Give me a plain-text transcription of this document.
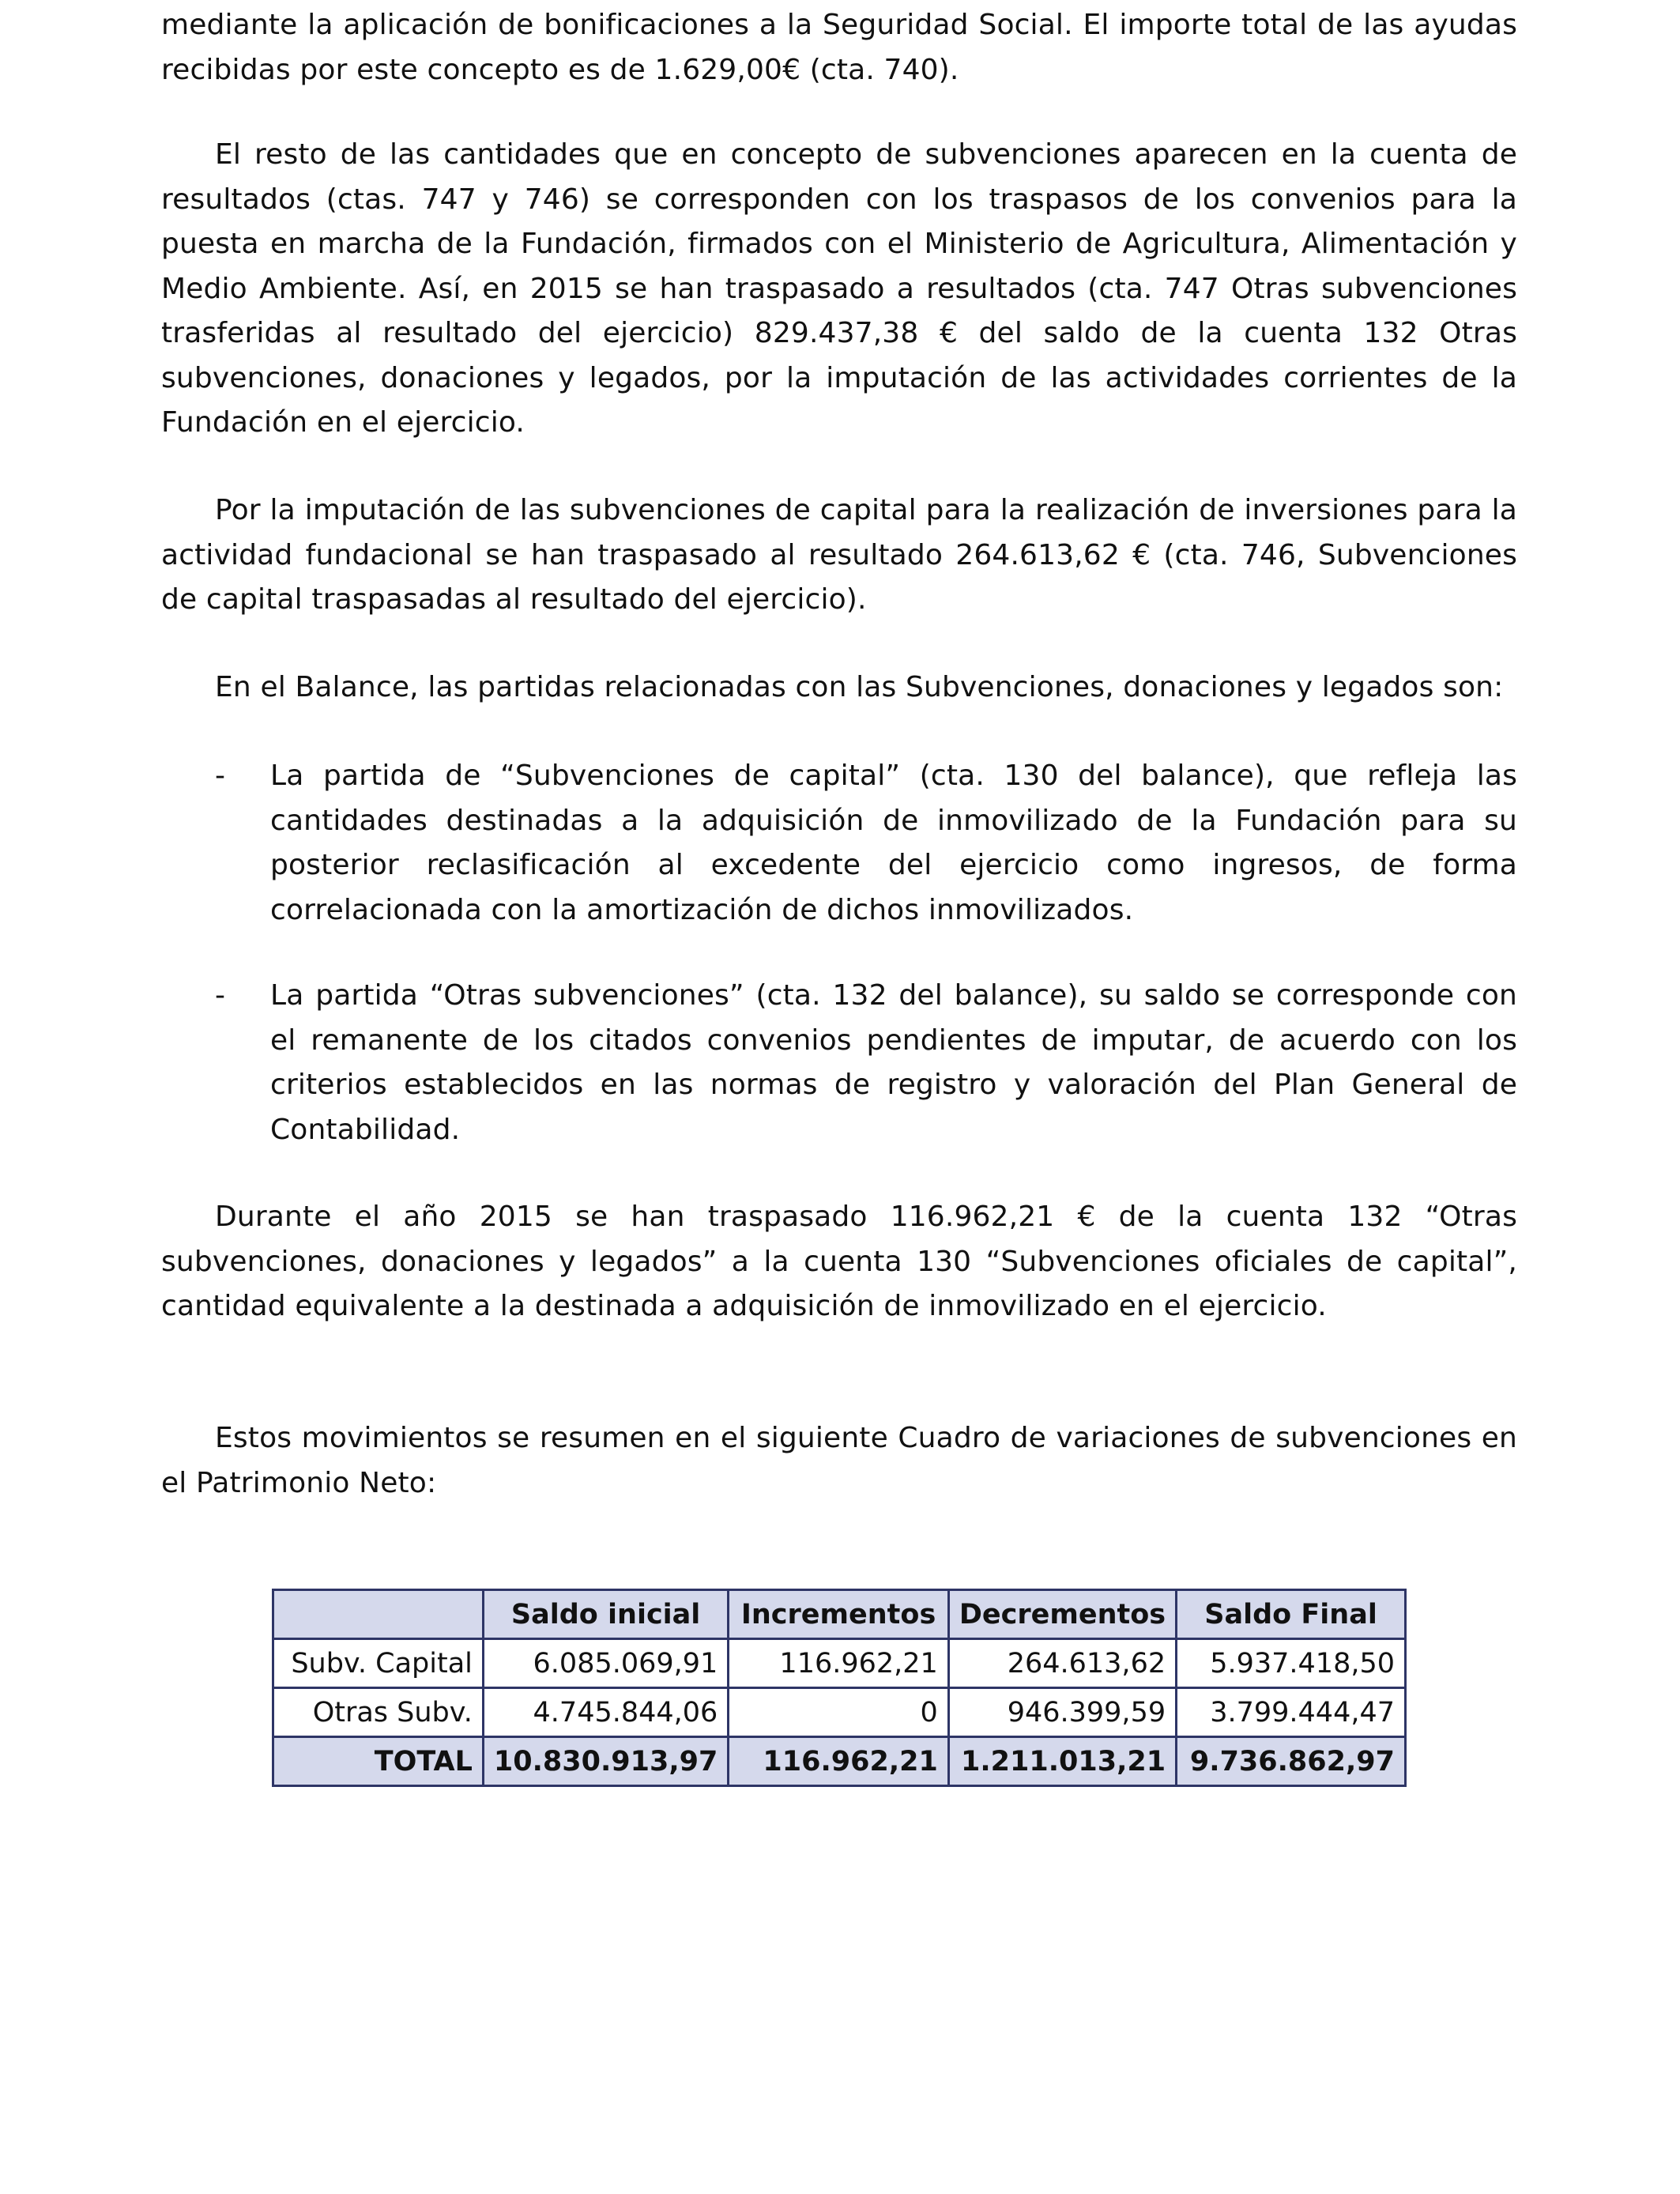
mediante la aplicación de bonificaciones a la Seguridad Social. El importe total de las ayudas recibidas por este concepto es de 1.629,00€ (cta. 740).

El resto de las cantidades que en concepto de subvenciones aparecen en la cuenta de resultados (ctas. 747 y 746) se corresponden con los traspasos de los convenios para la puesta en marcha de la Fundación, firmados con el Ministerio de Agricultura, Alimentación y Medio Ambiente. Así, en 2015 se han traspasado a resultados (cta. 747 Otras subvenciones trasferidas al resultado del ejercicio) 829.437,38 € del saldo de la cuenta 132 Otras subvenciones, donaciones y legados, por la imputación de las actividades corrientes de la Fundación en el ejercicio.

Por la imputación de las subvenciones de capital para la realización de inversiones para la actividad fundacional se han traspasado al resultado 264.613,62 € (cta. 746, Subvenciones de capital traspasadas al resultado del ejercicio).

En el Balance, las partidas relacionadas con las Subvenciones, donaciones y legados son:

- La partida de “Subvenciones de capital” (cta. 130 del balance), que refleja las cantidades destinadas a la adquisición de inmovilizado de la Fundación para su posterior reclasificación al excedente del ejercicio como ingresos, de forma correlacionada con la amortización de dichos inmovilizados.
- La partida “Otras subvenciones” (cta. 132 del balance), su saldo se corresponde con el remanente de los citados convenios pendientes de imputar, de acuerdo con los criterios establecidos en las normas de registro y valoración del Plan General de Contabilidad.

Durante el año 2015 se han traspasado 116.962,21 € de la cuenta 132 “Otras subvenciones, donaciones y legados” a la cuenta 130 “Subvenciones oficiales de capital”, cantidad equivalente a la destinada a adquisición de inmovilizado en el ejercicio.

Estos movimientos se resumen en el siguiente Cuadro de variaciones de subvenciones en el Patrimonio Neto:

	Saldo inicial	Incrementos	Decrementos	Saldo Final
Subv. Capital	6.085.069,91	116.962,21	264.613,62	5.937.418,50
Otras Subv.	4.745.844,06	0	946.399,59	3.799.444,47
TOTAL	10.830.913,97	116.962,21	1.211.013,21	9.736.862,97
